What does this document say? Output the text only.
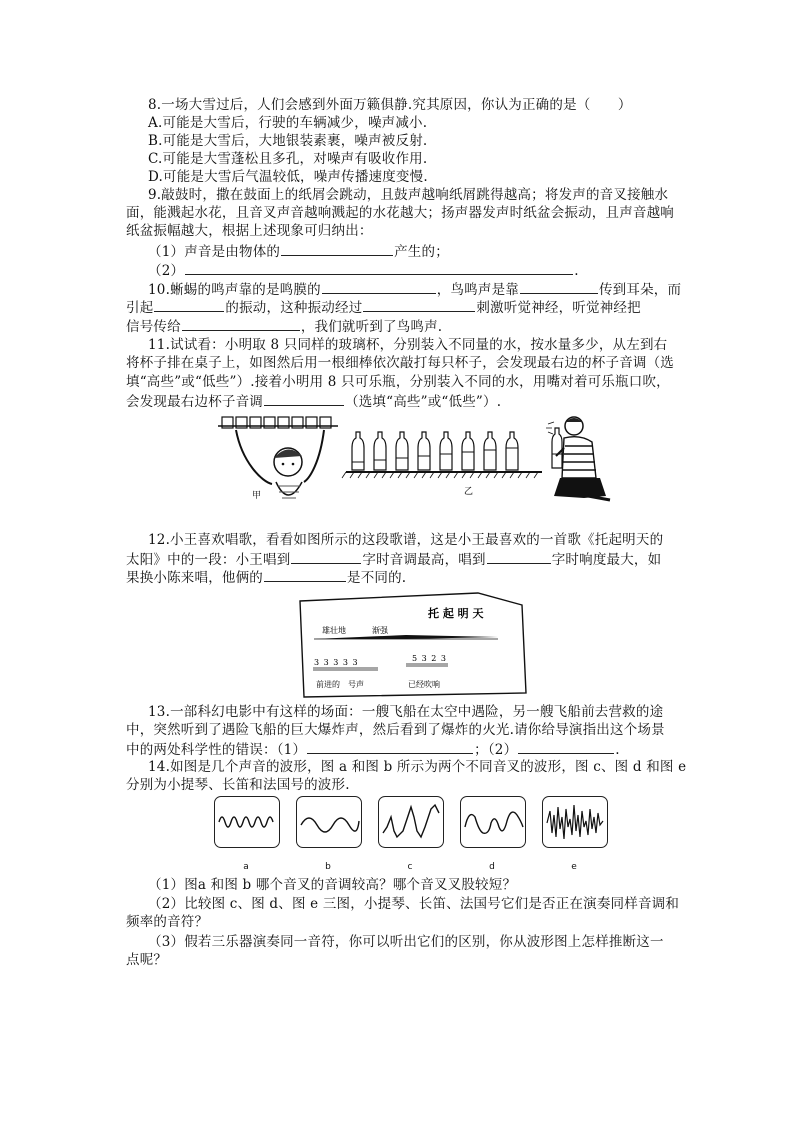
8.一场大雪过后，人们会感到外面万籁俱静.究其原因，你认为正确的是（　　）
A.可能是大雪后，行驶的车辆减少，噪声减小.
B.可能是大雪后，大地银装素裹，噪声被反射.
C.可能是大雪蓬松且多孔，对噪声有吸收作用.
D.可能是大雪后气温较低，噪声传播速度变慢.
9.敲鼓时，撒在鼓面上的纸屑会跳动，且鼓声越响纸屑跳得越高；将发声的音叉接触水
面，能溅起水花，且音叉声音越响溅起的水花越大；扬声器发声时纸盆会振动，且声音越响
纸盆振幅越大，根据上述现象可归纳出：
（1）声音是由物体的	产生的；
（2）	.
10.蜥蜴的鸣声靠的是鸣膜的	，鸟鸣声是靠	传到耳朵，而
引起	的振动，这种振动经过	刺激听觉神经，听觉神经把
信号传给	，我们就听到了鸟鸣声.
11.试试看：小明取 8 只同样的玻璃杯，分别装入不同量的水，按水量多少，从左到右
将杯子排在桌子上，如图然后用一根细棒依次敲打每只杯子，会发现最右边的杯子音调（选
填“高些”或“低些”）.接着小明用 8 只可乐瓶，分别装入不同的水，用嘴对着可乐瓶口吹，
会发现最右边杯子音调	（选填“高些”或“低些”）.
甲	乙
12.小王喜欢唱歌，看看如图所示的这段歌谱，这是小王最喜欢的一首歌《托起明天的
太阳》中的一段：小王唱到	字时音调最高，唱到	字时响度最大，如
果换小陈来唱，他俩的	是不同的.
托 起 明 天
雄壮地	渐强
3 3 3 3 3	5 3 2 3
前进的　号声	已经吹响
13.一部科幻电影中有这样的场面：一艘飞船在太空中遇险，另一艘飞船前去营救的途
中，突然听到了遇险飞船的巨大爆炸声，然后看到了爆炸的火光.请你给导演指出这个场景
中的两处科学性的错误：（1）	；（2）	.
14.如图是几个声音的波形，图 a 和图 b 所示为两个不同音叉的波形，图 c、图 d 和图 e
分别为小提琴、长笛和法国号的波形.
a	b	c	d	e
（1）图a 和图 b 哪个音叉的音调较高？哪个音叉叉股较短？
（2）比较图 c、图 d、图 e 三图，小提琴、长笛、法国号它们是否正在演奏同样音调和
频率的音符？
（3）假若三乐器演奏同一音符，你可以听出它们的区别，你从波形图上怎样推断这一
点呢？
